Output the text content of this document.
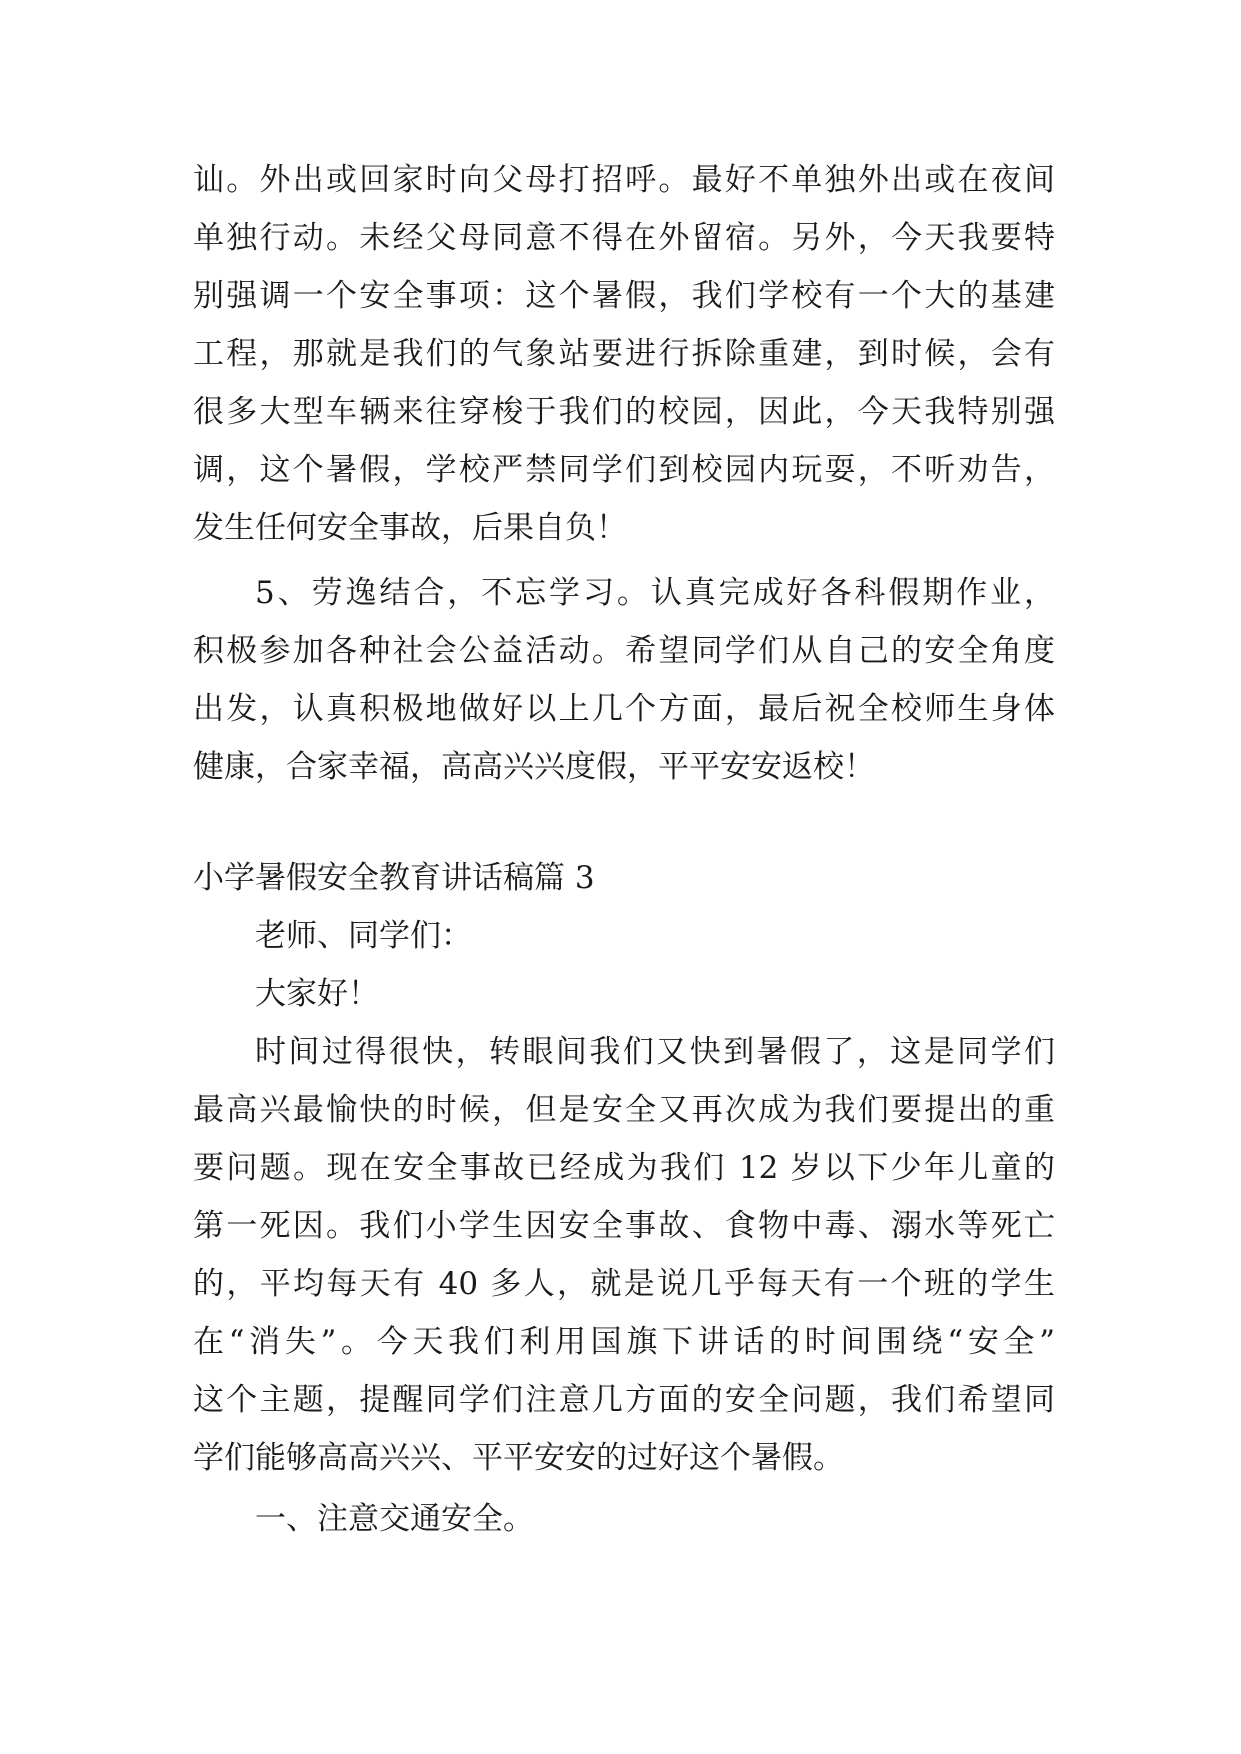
讪。外出或回家时向父母打招呼。最好不单独外出或在夜间
单独行动。未经父母同意不得在外留宿。另外，今天我要特
别强调一个安全事项：这个暑假，我们学校有一个大的基建
工程，那就是我们的气象站要进行拆除重建，到时候，会有
很多大型车辆来往穿梭于我们的校园，因此，今天我特别强
调，这个暑假，学校严禁同学们到校园内玩耍，不听劝告，
发生任何安全事故，后果自负！
5、劳逸结合，不忘学习。认真完成好各科假期作业，
积极参加各种社会公益活动。希望同学们从自己的安全角度
出发，认真积极地做好以上几个方面，最后祝全校师生身体
健康，合家幸福，高高兴兴度假，平平安安返校！
小学暑假安全教育讲话稿篇 3
老师、同学们：
大家好！
时间过得很快，转眼间我们又快到暑假了，这是同学们
最高兴最愉快的时候，但是安全又再次成为我们要提出的重
要问题。现在安全事故已经成为我们 12 岁以下少年儿童的
第一死因。我们小学生因安全事故、食物中毒、溺水等死亡
的，平均每天有 40 多人，就是说几乎每天有一个班的学生
在“消失”。今天我们利用国旗下讲话的时间围绕“安全”
这个主题，提醒同学们注意几方面的安全问题，我们希望同
学们能够高高兴兴、平平安安的过好这个暑假。
一、注意交通安全。
